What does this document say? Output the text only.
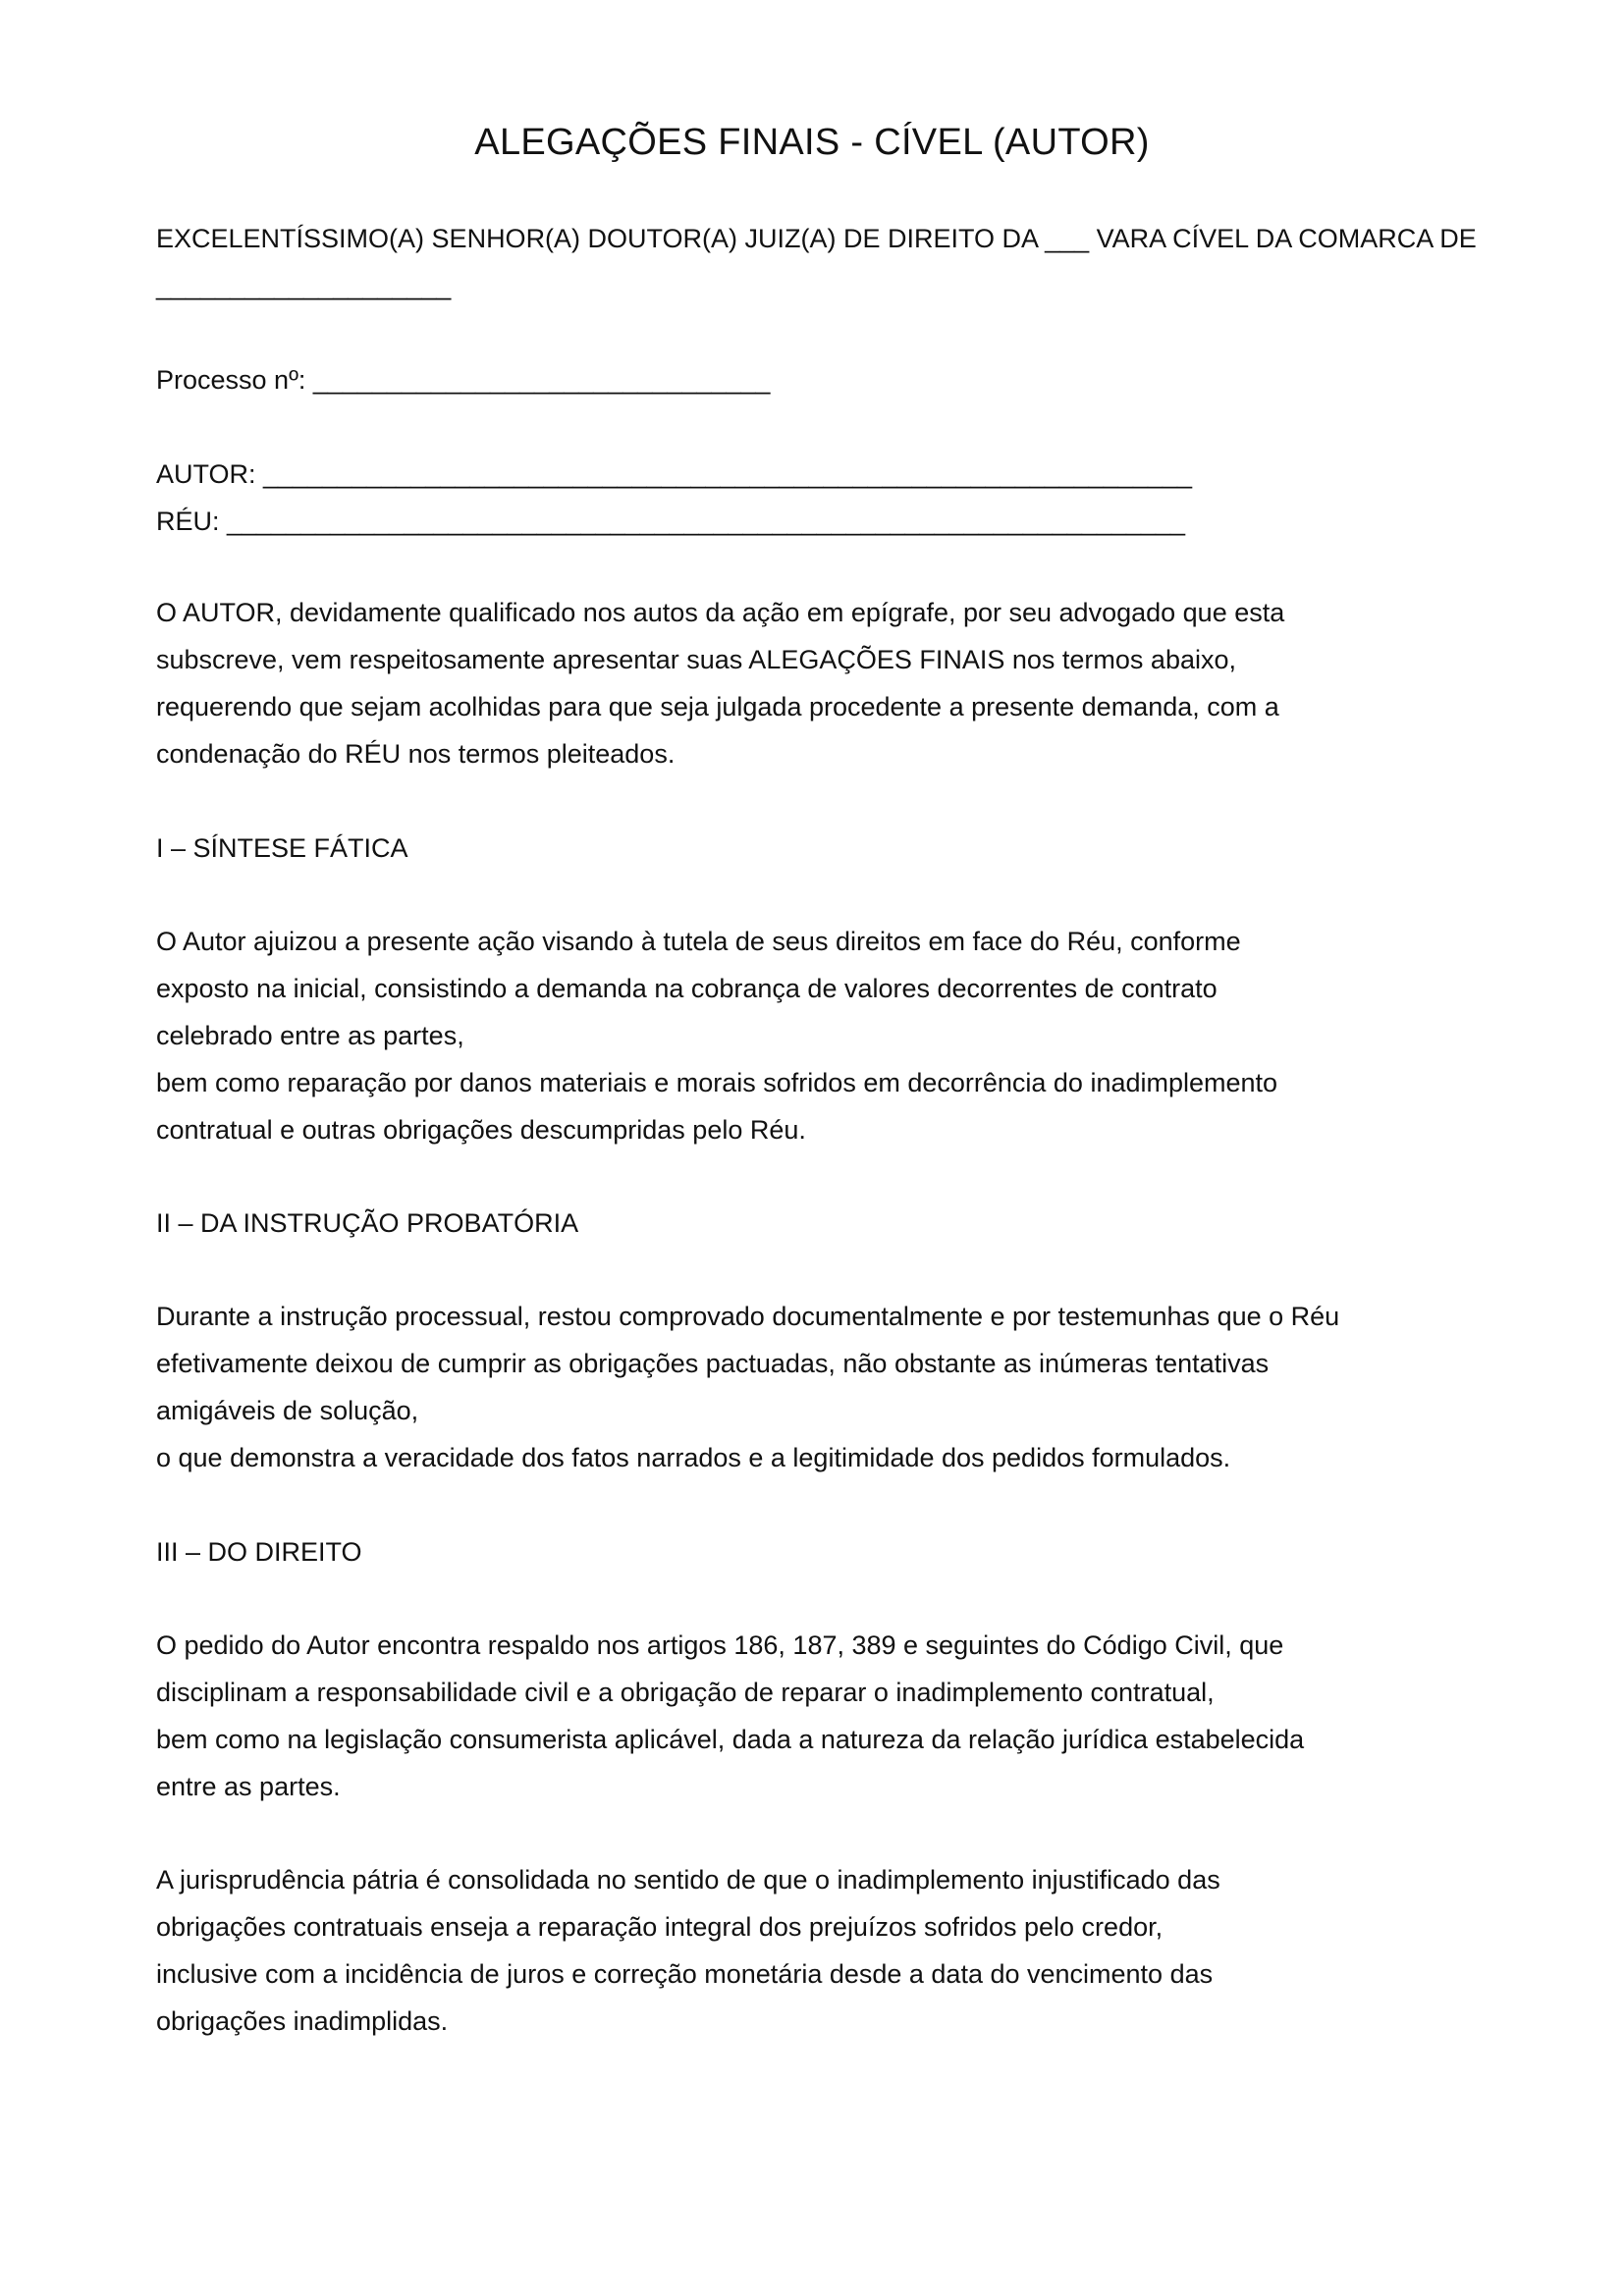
ALEGAÇÕES FINAIS - CÍVEL (AUTOR)

EXCELENTÍSSIMO(A) SENHOR(A) DOUTOR(A) JUIZ(A) DE DIREITO DA ___ VARA CÍVEL DA COMARCA DE
____________________

Processo nº: _______________________________

AUTOR: _______________________________________________________________
RÉU: _________________________________________________________________

O AUTOR, devidamente qualificado nos autos da ação em epígrafe, por seu advogado que esta
subscreve, vem respeitosamente apresentar suas ALEGAÇÕES FINAIS nos termos abaixo,
requerendo que sejam acolhidas para que seja julgada procedente a presente demanda, com a
condenação do RÉU nos termos pleiteados.

I – SÍNTESE FÁTICA

O Autor ajuizou a presente ação visando à tutela de seus direitos em face do Réu, conforme
exposto na inicial, consistindo a demanda na cobrança de valores decorrentes de contrato
celebrado entre as partes,
bem como reparação por danos materiais e morais sofridos em decorrência do inadimplemento
contratual e outras obrigações descumpridas pelo Réu.

II – DA INSTRUÇÃO PROBATÓRIA

Durante a instrução processual, restou comprovado documentalmente e por testemunhas que o Réu
efetivamente deixou de cumprir as obrigações pactuadas, não obstante as inúmeras tentativas
amigáveis de solução,
o que demonstra a veracidade dos fatos narrados e a legitimidade dos pedidos formulados.

III – DO DIREITO

O pedido do Autor encontra respaldo nos artigos 186, 187, 389 e seguintes do Código Civil, que
disciplinam a responsabilidade civil e a obrigação de reparar o inadimplemento contratual,
bem como na legislação consumerista aplicável, dada a natureza da relação jurídica estabelecida
entre as partes.

A jurisprudência pátria é consolidada no sentido de que o inadimplemento injustificado das
obrigações contratuais enseja a reparação integral dos prejuízos sofridos pelo credor,
inclusive com a incidência de juros e correção monetária desde a data do vencimento das
obrigações inadimplidas.
